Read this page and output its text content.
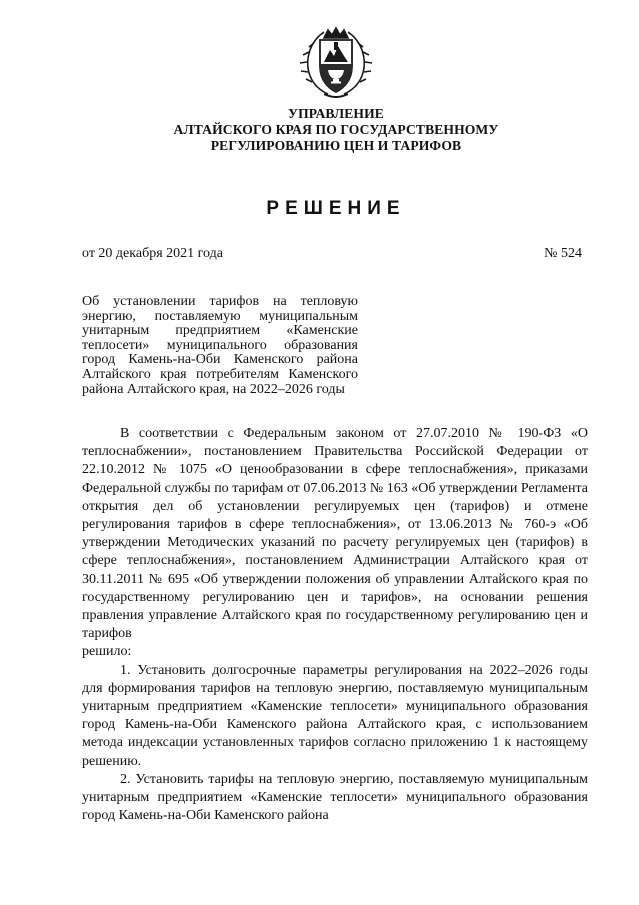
УПРАВЛЕНИЕ
АЛТАЙСКОГО КРАЯ ПО ГОСУДАРСТВЕННОМУ
РЕГУЛИРОВАНИЮ ЦЕН И ТАРИФОВ
РЕШЕНИЕ
от 20 декабря 2021 года	№ 524
Об установлении тарифов на тепловую энергию, поставляемую муниципальным унитарным предприятием «Каменские теплосети» муниципального образования город Камень-на-Оби Каменского района Алтайского края потребителям Каменского района Алтайского края, на 2022–2026 годы

В соответствии с Федеральным законом от 27.07.2010 № 190-ФЗ «О теплоснабжении», постановлением Правительства Российской Федерации от 22.10.2012 № 1075 «О ценообразовании в сфере теплоснабжения», приказами Федеральной службы по тарифам от 07.06.2013 № 163 «Об утверждении Регламента открытия дел об установлении регулируемых цен (тарифов) и отмене регулирования тарифов в сфере теплоснабжения», от 13.06.2013 № 760-э «Об утверждении Методических указаний по расчету регулируемых цен (тарифов) в сфере теплоснабжения», постановлением Администрации Алтайского края от 30.11.2011 № 695 «Об утверждении положения об управлении Алтайского края по государственному регулированию цен и тарифов», на основании решения правления управление Алтайского края по государственному регулированию цен и тарифов

решило:

1. Установить долгосрочные параметры регулирования на 2022–2026 годы для формирования тарифов на тепловую энергию, поставляемую муниципальным унитарным предприятием «Каменские теплосети» муниципального образования город Камень-на-Оби Каменского района Алтайского края, с использованием метода индексации установленных тарифов согласно приложению 1 к настоящему решению.

2. Установить тарифы на тепловую энергию, поставляемую муниципальным унитарным предприятием «Каменские теплосети» муниципального образования город Камень-на-Оби Каменского района
